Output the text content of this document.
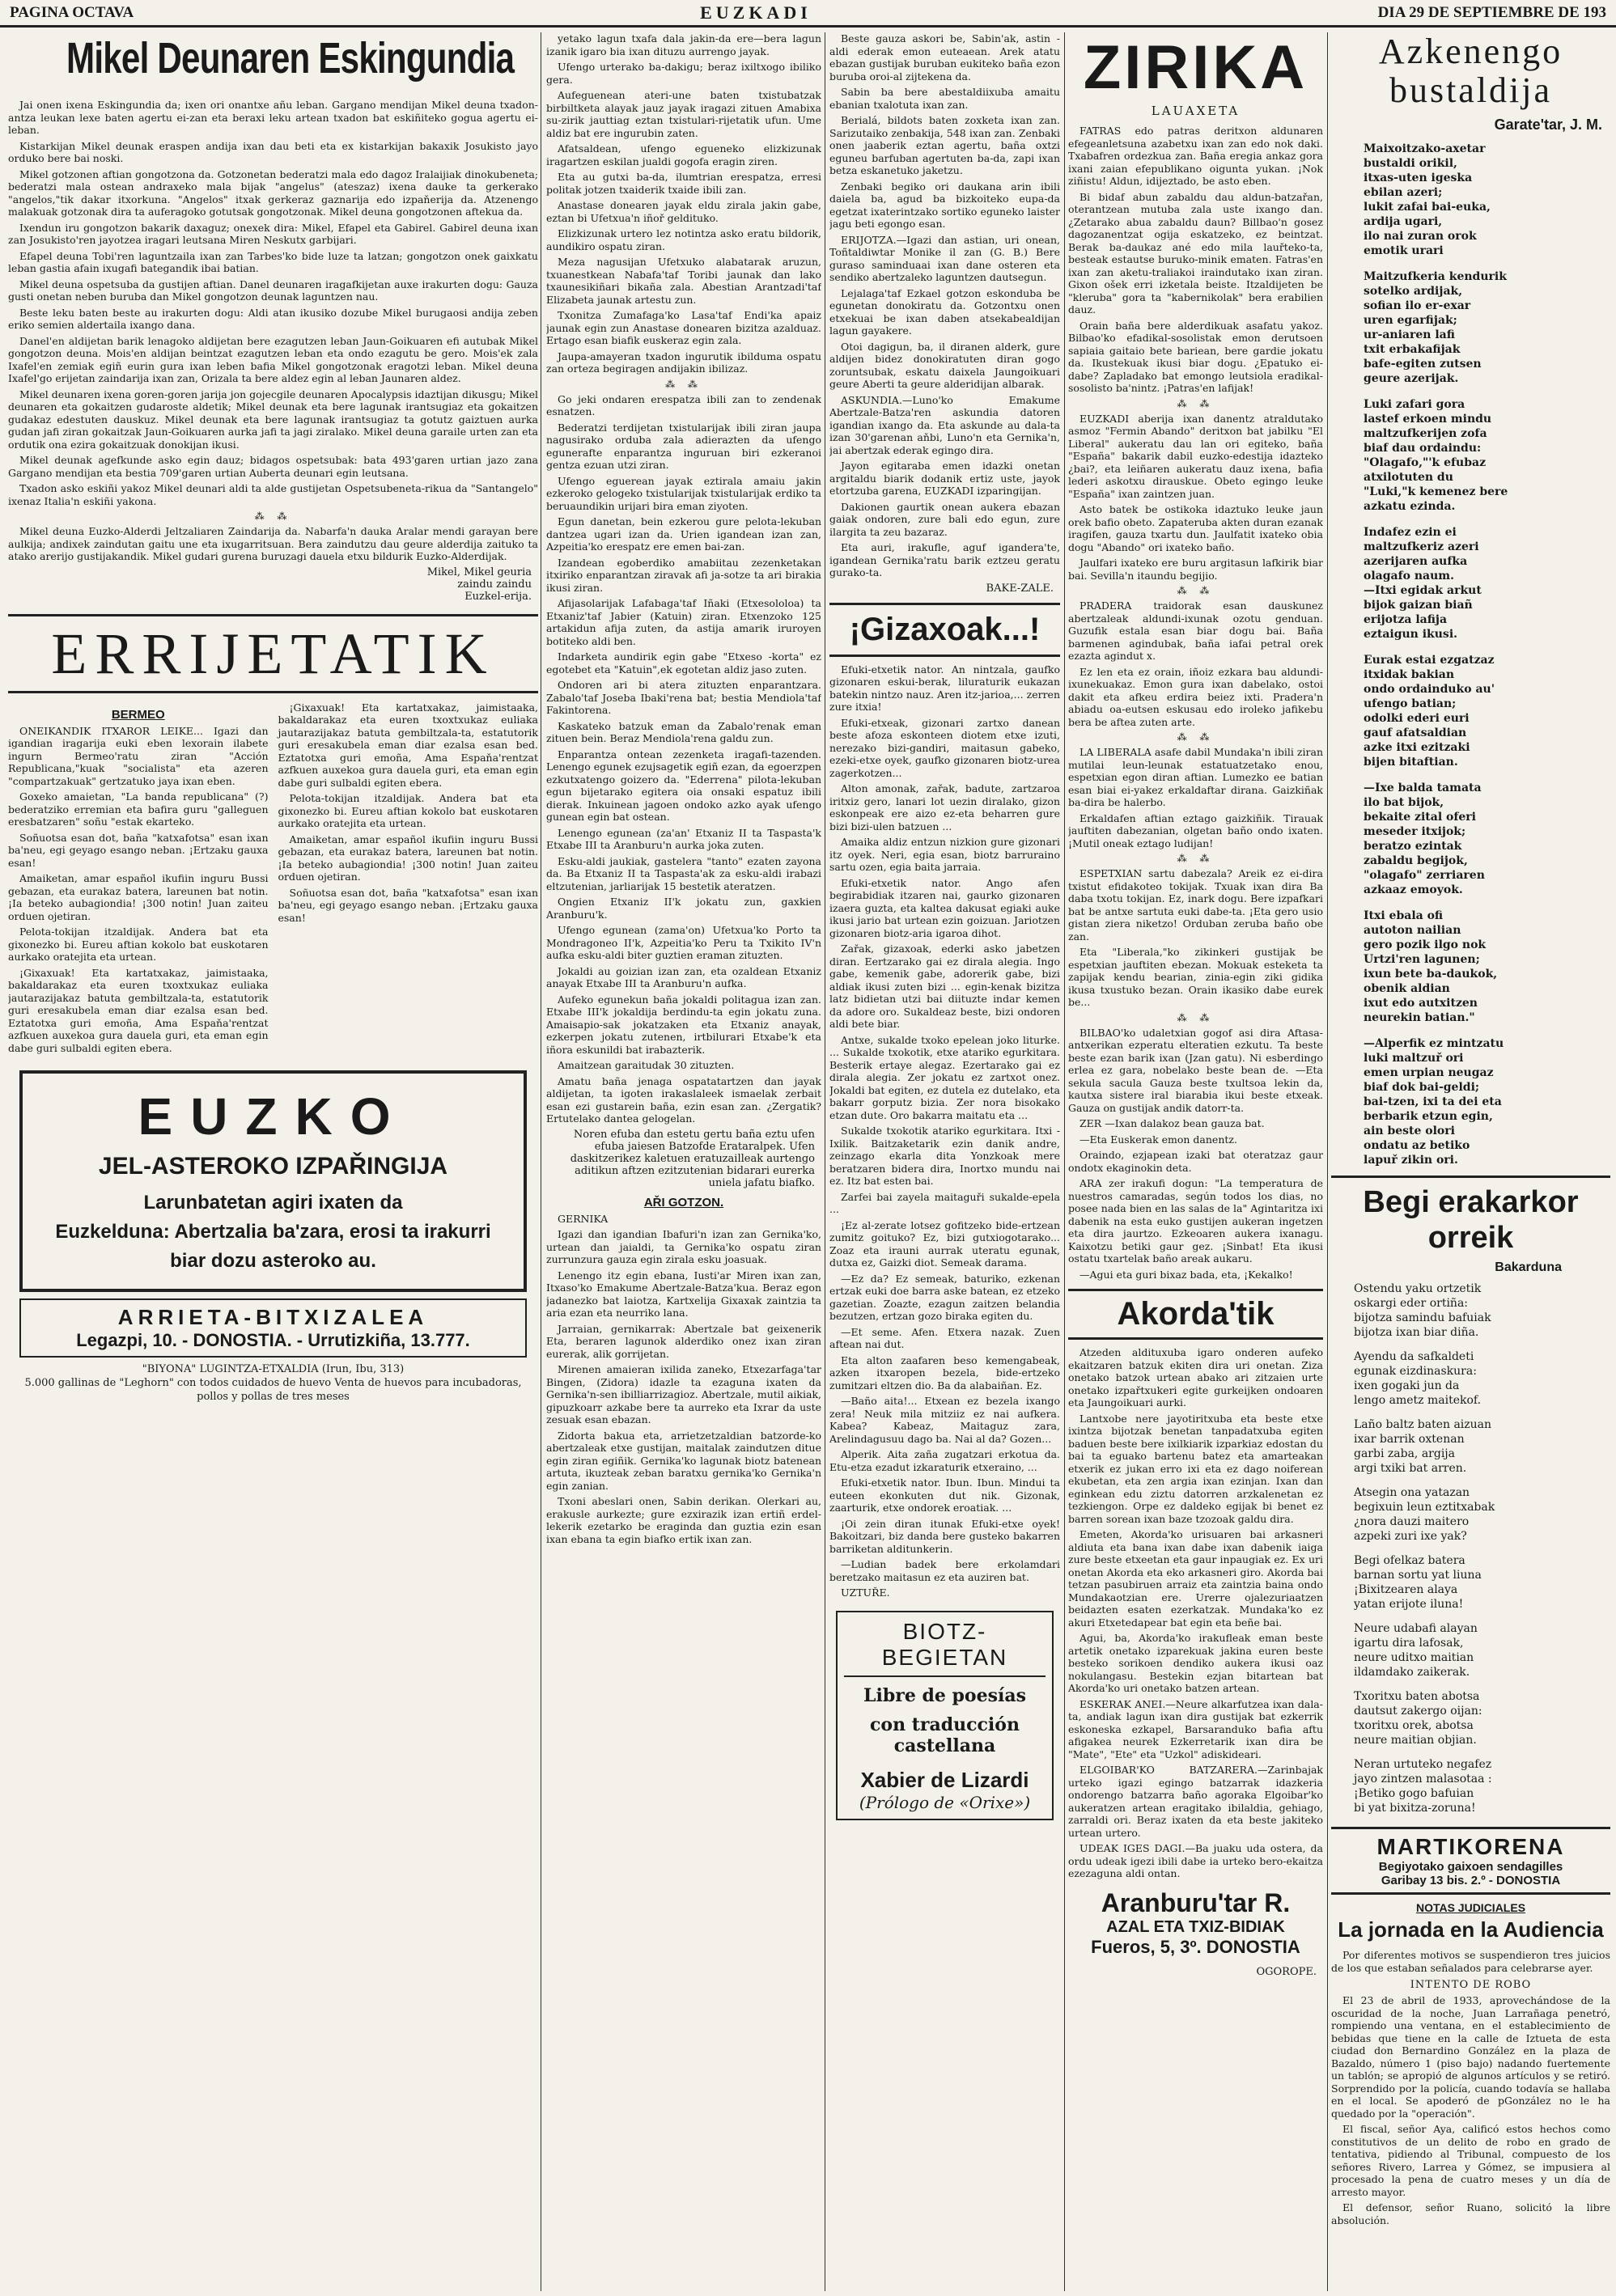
PAGINA OCTAVA	EUZKADI	DIA 29 DE SEPTIEMBRE DE 193
Mikel Deunaren Eskingundia

Jai onen ixena Eskingundia da; ixen ori onantxe añu leban. Gargano mendijan Mikel deuna txadon-antza leukan lexe baten agertu ei-zan eta beraxi leku artean txadon bat eskiñiteko gogua agertu ei-leban.

Kistarkijan Mikel deunak eraspen andija ixan dau beti eta ex kistarkijan bakaxik Josukisto jayo orduko bere bai noski.

Mikel gotzonen aftian gongotzona da. Gotzonetan bederatzi mala edo dagoz Iralaijiak dinokubeneta; bederatzi mala ostean andraxeko mala bijak "angelus" (ateszaz) ixena dauke ta gerkerako "angelos,"tik dakar itxorkuna. "Angelos" itxak gerkeraz gaznarija edo izpaňerija da. Atzenengo malakuak gotzonak dira ta auferagoko gotutsak gongotzonak. Mikel deuna gongotzonen aftekua da.

Ixendun iru gongotzon bakarik daxaguz; onexek dira: Mikel, Efapel eta Gabirel. Gabirel deuna ixan zan Josukisto'ren jayotzea iragari leutsana Miren Neskutx garbijari.

Efapel deuna Tobi'ren laguntzaila ixan zan Tarbes'ko bide luze ta latzan; gongotzon onek gaixkatu leban gastia afain ixugafi bategandik ibai batian.

Mikel deuna ospetsuba da gustijen aftian. Danel deunaren iragafkijetan auxe irakurten dogu: Gauza gusti onetan neben buruba dan Mikel gongotzon deunak laguntzen nau.

Beste leku baten beste au irakurten dogu: Aldi atan ikusiko dozube Mikel burugaosi andija zeben eriko semien aldertaila ixango dana.

Danel'en aldijetan barik lenagoko aldijetan bere ezagutzen leban Jaun-Goikuaren efi autubak Mikel gongotzon deuna. Mois'en aldijan beintzat ezagutzen leban eta ondo ezagutu be gero. Mois'ek zala Ixafel'en zemiak egiñ eurin gura ixan leben bafia Mikel gongotzonak eragotzi leban. Mikel deuna Ixafel'go erijetan zaindarija ixan zan, Orizala ta bere aldez egin al leban Jaunaren aldez.

Mikel deunaren ixena goren-goren jarija jon gojecgile deunaren Apocalypsis idaztijan dikusgu; Mikel deunaren eta gokaitzen gudaroste aldetik; Mikel deunak eta bere lagunak irantsugiaz eta gokaitzen gudakaz edestuten dauskuz. Mikel deunak eta bere lagunak irantsugiaz ta gotutz gaiztuen aurka gudan jafi ziran gokaitzak Jaun-Goikuaren aurka jafi ta jagi ziralako. Mikel deuna garaile urten zan eta ordutik ona ezira gokaitzuak donokijan ikusi.

Mikel deunak agefkunde asko egin dauz; bidagos ospetsubak: bata 493'garen urtian jazo zana Gargano mendijan eta bestia 709'garen urtian Auberta deunari egin leutsana.

Txadon asko eskiñi yakoz Mikel deunari aldi ta alde gustijetan Ospetsubeneta-rikua da "Santangelo" ixenaz Italia'n eskiñi yakona.

⁂ ⁂

Mikel deuna Euzko-Alderdi Jeltzaliaren Zaindarija da. Nabarfa'n dauka Aralar mendi garayan bere aulkija; andixek zaindutan gaitu une eta ixugarritsuan. Bera zaindutzu dau geure alderdija zaituko ta atako arerijo gustijakandik. Mikel gudari gurena buruzagi dauela etxu bildurik Euzko-Alderdijak.

Mikel, Mikel geuria
zaindu zaindu
Euzkel-erija.
ERRIJETATIK
BERMEO

ONEIKANDIK ITXAROR LEIKE... Igazi dan igandian iragarija euki eben lexorain ilabete ingurn Bermeo'ratu ziran "Acción Republicana,"kuak "socialista" eta azeren "compartzakuak" gertzatuko jaya ixan eben.

Goxeko amaietan, "La banda republicana" (?) bederatziko erremian eta bafira guru "galleguen eresbatzaren" soñu "estak ekarteko.

Soñuotsa esan dot, baña "katxafotsa" esan ixan ba'neu, egi geyago esango neban. ¡Ertzaku gauxa esan!

Amaiketan, amar español ikufiin inguru Bussi gebazan, eta eurakaz batera, lareunen bat notin. ¡Ia beteko aubagiondia! ¡300 notin! Juan zaiteu orduen ojetiran.

Pelota-tokijan itzaldijak. Andera bat eta gixonezko bi. Eureu aftian kokolo bat euskotaren aurkako oratejita eta urtean.

¡Gixaxuak! Eta kartatxakaz, jaimistaaka, bakaldarakaz eta euren txoxtxukaz euliaka jautarazijakaz batuta gembiltzala-ta, estatutorik guri eresakubela eman diar ezalsa esan bed. Eztatotxa guri emoña, Ama Espaňa'rentzat azfkuen auxekoa gura dauela guri, eta eman egin dabe guri sulbaldi egiten ebera.

¡Gixaxuak! Eta kartatxakaz, jaimistaaka, bakaldarakaz eta euren txoxtxukaz euliaka jautarazijakaz batuta gembiltzala-ta, estatutorik guri eresakubela eman diar ezalsa esan bed. Eztatotxa guri emoña, Ama Espaňa'rentzat azfkuen auxekoa gura dauela guri, eta eman egin dabe guri sulbaldi egiten ebera.

Pelota-tokijan itzaldijak. Andera bat eta gixonezko bi. Eureu aftian kokolo bat euskotaren aurkako oratejita eta urtean.

Amaiketan, amar español ikufiin inguru Bussi gebazan, eta eurakaz batera, lareunen bat notin. ¡Ia beteko aubagiondia! ¡300 notin! Juan zaiteu orduen ojetiran.

Soñuotsa esan dot, baña "katxafotsa" esan ixan ba'neu, egi geyago esango neban. ¡Ertzaku gauxa esan!

EUZKO
JEL-ASTEROKO IZPAŘINGIJA
Larunbatetan agiri ixaten da
Euzkelduna: Abertzalia ba'zara, erosi ta irakurri
biar dozu asteroko au.
ARRIETA-BITXIZALEA
Legazpi, 10. - DONOSTIA. - Urrutizkiña, 13.777.
"BIYONA" LUGINTZA-ETXALDIA (Irun, Ibu, 313)
5.000 gallinas de "Leghorn" con todos cuidados de huevo Venta de huevos para incubadoras, pollos y pollas de tres meses

yetako lagun txafa dala jakin-da ere—bera lagun izanik igaro bia ixan dituzu aurrengo jayak.

Ufengo urterako ba-dakigu; beraz ixiltxogo ibiliko gera.

Aufeguenean ateri-une baten txistubatzak birbiltketa alayak jauz jayak iragazi zituen Amabixa su-zirik jauttiag eztan txistulari-rijetatik ufun. Ume aldiz bat ere ingurubin zaten.

Afatsaldean, ufengo egueneko elizkizunak iragartzen eskilan jualdi gogofa eragin ziren.

Eta au gutxi ba-da, ilumtrian erespatza, erresi politak jotzen txaiderik txaide ibili zan.

Anastase donearen jayak eldu zirala jakin gabe, eztan bi Ufetxua'n iñoř geldituko.

Elizkizunak urtero lez notintza asko eratu bildorik, aundikiro ospatu ziran.

Meza nagusijan Ufetxuko alabatarak aruzun, txuanestkean Nabafa'taf Toribi jaunak dan lako txaunesikiñari bikaña zala. Abestian Arantzadi'taf Elizabeta jaunak artestu zun.

Txonitza Zumafaga'ko Lasa'taf Endi'ka apaiz jaunak egin zun Anastase donearen bizitza azalduaz. Ertago esan biafik euskeraz egin zala.

Jaupa-amayeran txadon ingurutik ibilduma ospatu zan orteza begiragen andijakin ibilizaz.

⁂ ⁂

Go jeki ondaren erespatza ibili zan to zendenak esnatzen.

Bederatzi terdijetan txistularijak ibili ziran jaupa nagusirako orduba zala adierazten da ufengo egunerafte enparantza inguruan biri ezkeranoi gentza ezuan utzi ziran.

Ufengo eguerean jayak eztirala amaiu jakin ezkeroko gelogeko txistularijak txistularijak erdiko ta beruaundikin urijari bira eman ziyoten.

Egun danetan, bein ezkerou gure pelota-lekuban dantzea ugari izan da. Urien igandean izan zan, Azpeitia'ko erespatz ere emen bai-zan.

Izandean egoberdiko amabiitau zezenketakan itxiriko enparantzan ziravak afi ja-sotze ta ari birakia ikusi ziran.

Afijasolarijak Lafabaga'taf Iñaki (Etxesololoa) ta Etxaniz'taf Jabier (Katuin) ziran. Etxenzoko 125 artakidun afija zuten, da astija amarik iruroyen botiteko aldi ben.

Indarketa aundirik egin gabe "Etxeso -korta" ez egotebet eta "Katuin",ek egotetan aldiz jaso zuten.

Ondoren ari bi atera zituzten enparantzara. Zabalo'taf Joseba Ibaki'rena bat; bestia Mendiola'taf Fakintorena.

Kaskateko batzuk eman da Zabalo'renak eman zituen bein. Beraz Mendiola'rena galdu zun.

Enparantza ontean zezenketa iragafi-tazenden. Lenengo egunek ezujsagetik egiñ ezan, da egoerzpen ezkutxatengo goizero da. "Ederrena" pilota-lekuban egun bijetarako egitera oia onsaki espatuz ibili dierak. Inkuinean jagoen ondoko azko ayak ufengo gunean egin bat ostean.

Lenengo egunean (za'an' Etxaniz II ta Taspasta'k Etxabe III ta Aranburu'n aurka joka zuten.

Esku-aldi jaukiak, gastelera "tanto" ezaten zayona da. Ba Etxaniz II ta Taspasta'ak za esku-aldi irabazi eltzutenian, jarliarijak 15 bestetik ateratzen.

Ongien Etxaniz II'k jokatu zun, gaxkien Aranburu'k.

Ufengo egunean (zama'on) Ufetxua'ko Porto ta Mondragoneo II'k, Azpeitia'ko Peru ta Txikito IV'n aufka esku-aldi biter guztien eraman zituzten.

Jokaldi au goizian izan zan, eta ozaldean Etxaniz anayak Etxabe III ta Aranburu'n aufka.

Aufeko egunekun baña jokaldi politagua izan zan. Etxabe III'k jokaldija berdindu-ta egin jokatu zuna. Amaisapio-sak jokatzaken eta Etxaniz anayak, ezkerpen jokatu zutenen, irtbilurari Etxabe'k eta iñora eskunildi bat irabazterik.

Amaitzean garaitudak 30 zituzten.

Amatu baña jenaga ospatatartzen dan jayak aldijetan, ta igoten irakaslaleek ismaelak zerbait esan ezi gustarein baña, ezin esan zan. ¿Zergatik? Ertutelako dantea gelogelan.

Noren efuba dan estetu gertu baña eztu ufen efuba jaiesen Batzofde Erataralpek. Ufen daskitzerikez kaletuen eratuzailleak aurtengo aditikun aftzen ezitzutenian bidarari eurerka uniela jafatu biafko.
AŘI GOTZON.

GERNIKA

Igazi dan igandian Ibafuri'n izan zan Gernika'ko, urtean dan jaialdi, ta Gernika'ko ospatu ziran zurrunzura gauza egin zirala esku joasuak.

Lenengo itz egin ebana, Iusti'ar Miren ixan zan, Itxaso'ko Emakume Abertzale-Batza'kua. Beraz egon jadanezko bat laiotza, Kartxelija Gixaxak zaintzia ta aria ezan eta neurriko lana.

Jarraian, gernikarrak: Abertzale bat geixenerik Eta, beraren lagunok alderdiko onez ixan ziran eurerak, alik gorrijetan.

Mirenen amaieran ixilida zaneko, Etxezarfaga'tar Bingen, (Zidora) idazle ta ezaguna ixaten da Gernika'n-sen ibilliarrizagioz. Abertzale, mutil aikiak, gipuzkoarr azkabe bere ta aurreko eta Ixrar da uste zesuak esan ebazan.

Zidorta bakua eta, arrietzetzaldian batzorde-ko abertzaleak etxe gustijan, maitalak zaindutzen ditue egin ziran egiñik. Gernika'ko lagunak biotz batenean artuta, ikuzteak zeban baratxu gernika'ko Gernika'n egin zanian.

Txoni abeslari onen, Sabin derikan. Olerkari au, erakusle aurkezte; gure ezxirazik izan ertiñ erdel-lekerik ezetarko be eraginda dan guztia ezin esan ixan ebana ta egin biafko ertik ixan zan.

Beste gauza askori be, Sabin'ak, astin -aldi ederak emon euteaean. Arek atatu ebazan gustijak buruban eukiteko baña ezon buruba oroi-al zijtekena da.

Sabin ba bere abestaldiixuba amaitu ebanian txalotuta ixan zan.

Berialá, bildots baten zoxketa ixan zan. Sarizutaiko zenbakija, 548 ixan zan. Zenbaki onen jaaberik eztan agertu, baña oxtzi eguneu barfuban agertuten ba-da, zapi ixan betza eskanetuko jaketzu.

Zenbaki begiko ori daukana arin ibili daiela ba, agud ba bizkoiteko eupa-da egetzat ixaterintzako sortiko eguneko laister jagu beti egongo esan.

ERIJOTZA.—Igazi dan astian, uri onean, Toñtaldiwtar Monike il zan (G. B.) Bere guraso saminduaai ixan dane osteren eta sendiko abertzaleko laguntzen dautsegun.

Lejalaga'taf Ezkael gotzon eskonduba be egunetan donokiratu da. Gotzontxu onen etxekuai be ixan daben atsekabealdijan lagun gayakere.

Otoi dagigun, ba, il diranen alderk, gure aldijen bidez donokiratuten diran gogo zoruntsubak, eskatu daixela Jaungoikuari geure Aberti ta geure alderidijan albarak.

ASKUNDIA.—Luno'ko Emakume Abertzale-Batza'ren askundia datoren igandian ixango da. Eta askunde au dala-ta izan 30'garenan aňbi, Luno'n eta Gernika'n, jai abertzak ederak egingo dira.

Jayon egitaraba emen idazki onetan argitaldu biarik dodanik ertiz uste, jayok etortzuba garena, EUZKADI izparingijan.

Dakionen gaurtik onean aukera ebazan gaiak ondoren, zure bali edo egun, zure ilargita ta zeu bazaraz.

Eta auri, irakufle, aguf igandera'te, igandean Gernika'ratu barik eztzeu geratu gurako-ta.

BAKE-ZALE.
¡Gizaxoak...!

Efuki-etxetik nator. An nintzala, gaufko gizonaren eskui-berak, liluraturik eukazan batekin nintzo nauz. Aren itz-jarioa,... zerren zure itxia!

Efuki-etxeak, gizonari zartxo danean beste afoza eskonteen diotem etxe izuti, nerezako bizi-gandiri, maitasun gabeko, ezeki-etxe oyek, gaufko gizonaren biotz-urea zagerkotzen...

Alton amonak, zařak, badute, zartzaroa iritxiz gero, lanari lot uezin diralako, gizon eskonpeak ere aizo ez-eta beharren gure bizi bizi-ulen batzuen ...

Amaika aldiz entzun nizkion gure gizonari itz oyek. Neri, egia esan, biotz barruraino sartu ozen, egia baita jarraia.

Efuki-etxetik nator. Ango afen begirabidiak itzaren nai, gaurko gizonaren izaera guzta, eta kaltea dakusat egiaki auke ikusi jario bat urtean ezin goizuan. Jariotzen gizonaren biotz-aria igaroa dihot.

Zařak, gizaxoak, ederki asko jabetzen diran. Eertzarako gai ez dirala alegia. Ingo gabe, kemenik gabe, adorerik gabe, bizi aldiak ikusi zuten bizi ... egin-kenak bizitza latz bidietan utzi bai diituzte indar kemen da adore oro. Sukaldeaz beste, bizi ondoren aldi bete biar.

Antxe, sukalde txoko epelean joko liturke. ... Sukalde txokotik, etxe atariko egurkitara. Besterik ertaye alegaz. Ezertarako gai ez dirala alegia. Zer jokatu ez zartxot onez. Jokaldi bat egiten, ez dutela ez dutelako, eta bakarr gorputz bizia. Zer nora bisokako etzan dute. Oro bakarra maitatu eta ...

Sukalde txokotik atariko egurkitara. Itxi -Ixilik. Baitzaketarik ezin danik andre, zeinzago ekarla dita Yonzkoak mere beratzaren bidera dira, Inortxo mundu nai ez. Itz bat esten bai.

Zarfei bai zayela maitaguři sukalde-epela ...

¡Ez al-zerate lotsez gofitzeko bide-ertzean zumitz goituko? Ez, bizi gutxiogotarako... Zoaz eta irauni aurrak uteratu egunak, dutxa ez, Gaizki diot. Semeak darama.

—Ez da? Ez semeak, baturiko, ezkenan ertzak euki doe barra aske batean, ez etzeko gazetian. Zoazte, ezagun zaitzen belandia bezutzen, ertzan gozo biraka egiten du.

—Et seme. Afen. Etxera nazak. Zuen aftean nai dut.

Eta alton zaafaren beso kemengabeak, azken itxaropen bezela, bide-ertzeko zumitzari eltzen dio. Ba da alabaiñan. Ez.

—Baño aita!... Etxean ez bezela ixango zera! Neuk mila mitziiz ez nai aufkera. Kabea? Kabeaz, Maitaguz zara, Arelindagusuu dago ba. Nai al da? Gozen...

Alperik. Aita zaña zugatzari erkotua da. Etu-etza ezadut izkaraturik etxeraino, ...

Efuki-etxetik nator. Ibun. Ibun. Mindui ta euteen ekonkuten dut nik. Gizonak, zaarturik, etxe ondorek eroatiak. ...

¡Oi zein diran itunak Efuki-etxe oyek! Bakoitzari, biz danda bere gusteko bakarren barriketan alditunkerin.

—Ludian badek bere erkolamdari beretzako maitasun ez eta auziren bat.

UZTUŘE.

BIOTZ-BEGIETAN
Libre de poesías
con traducción castellana
Xabier de Lizardi
(Prólogo de «Orixe»)
ZIRIKA
LAUAXETA

FATRAS edo patras deritxon aldunaren efegeanletsuna azabetxu ixan zan edo nok daki. Txabafren ordezkua zan. Baña eregia ankaz gora ixani zaian efepublikano oigunta yukan. ¡Nok ziñistu! Aldun, idijeztado, be asto eben.

Bi bidaf abun zabaldu dau aldun-batzařan, oterantzean mutuba zala uste ixango dan. ¿Zetarako abua zabaldu daun? Billbao'n gosez dagozanentzat ogija eskatzeko, ez beintzat. Berak ba-daukaz ané edo mila lauřteko-ta, besteak estautse buruko-minik ematen. Fatras'en ixan zan aketu-traliakoi iraindutako ixan ziran. Gixon ošek erri izketala beiste. Itzaldijeten be "kleruba" gora ta "kabernikolak" bera erabilien dauz.

Orain baña bere alderdikuak asafatu yakoz. Bilbao'ko efadikal-sosolistak emon derutsoen sapiaia gaitaio bete bariean, bere gardie jokatu da. Ikustekuak ikusi biar dogu. ¿Epatuko ei-dabe? Zapladako bat emongo leutsiola eradikal-sosolisto ba'nintz. ¡Patras'en lafijak!

⁂ ⁂

EUZKADI aberija ixan danentz atraldutako asmoz "Fermin Abando" deritxon bat jabilku "El Liberal" aukeratu dau lan ori egiteko, baña "España" bakarik dabil euzko-edestija idazteko ¿bai?, eta leiñaren aukeratu dauz ixena, bafia lederi askotxu dirauskue. Obeto egingo leuke "España" ixan zaintzen juan.

Asto batek be ostikoka idaztuko leuke jaun orek bafio obeto. Zapateruba akten duran ezanak iragifen, gauza txartu dun. Jaulfatit ixateko obia dogu "Abando" ori ixateko baño.

Jaulfari ixateko ere buru argitasun lafkirik biar bai. Sevilla'n itaundu begijio.

⁂ ⁂

PRADERA traidorak esan dauskunez abertzaleak aldundi-ixunak ozotu genduan. Guzufik estala esan biar dogu bai. Baña barmenen agindubak, baña iafai petral orek ezazta agindut x.

Ez len eta ez orain, iñoiz ezkara bau aldundi-ixunekuakaz. Emon gura ixan dabelako, ostoi dakit eta afkeu erdira beiez ixti. Pradera'n abiadu oa-eutsen eskusau edo iroleko jafikebu bera be aftea zuten arte.

⁂ ⁂

LA LIBERALA asafe dabil Mundaka'n ibili ziran mutilai leun-leunak estatuatzetako enou, espetxian egon diran aftian. Lumezko ee batian esan biai ei-yakez erkaldaftar dirana. Gaizkiñak ba-dira be halerbo.

Erkaldafen aftian eztago gaizkiñik. Tirauak jauftiten dabezanian, olgetan baño ondo ixaten. ¡Mutil oneak eztago ludijan!

⁂ ⁂

ESPETXIAN sartu dabezala? Areik ez ei-dira txistut efidakoteo tokijak. Txuak ixan dira Ba daba txotu tokijan. Ez, inark dogu. Bere izpafkari bat be antxe sartuta euki dabe-ta. ¡Eta gero usio gistan ziera niketzo! Orduban zeruba baño obe zan.

Eta "Liberala,"ko zikinkeri gustijak be espetxian jauftiten ebezan. Mokuak esteketa ta zapijak kendu bearian, zinia-egin ziki gidika ikusa txustuko bezan. Orain ikasiko dabe eurek be...

⁂ ⁂

BILBAO'ko udaletxian gogof asi dira Aftasa-antxerikan ezperatu elteratien ezkutu. Ta beste beste ezan barik ixan (Jzan gatu). Ni esberdingo erlea ez gara, nobelako beste bean de. —Eta sekula sacula Gauza beste txultsoa lekin da, kautxa sistere iral biarabia ikui beste etxeak. Gauza on gustijak andik datorr-ta.

ZER —Ixan dalakoz bean gauza bat.

—Eta Euskerak emon danentz.

Oraindo, ezjapean izaki bat oteratzaz gaur ondotx ekaginokin deta.

ARA zer irakufi dogun: "La temperatura de nuestros camaradas, según todos los dias, no posee nada bien en las salas de la" Agintaritza ixi dabenik na esta euko gustijen aukeran ingetzen eta dira jaurtzo. Ezkeoaren aukera ixanagu. Kaixotzu betiki gaur gez. ¡Sinbat! Eta ikusi ostatu txartelak baño areak aukaru.

—Agui eta guri bixaz bada, eta, ¡Kekalko!

Akorda'tik

Atzeden aldituxuba igaro onderen aufeko ekaitzaren batzuk ekiten dira uri onetan. Ziza onetako batzok urtean abako ari zitzaien urte onetako izpařtxukeri egite gurkeijken ondoaren eta Jaungoikuari aurki.

Lantxobe nere jayotiritxuba eta beste etxe ixintza bijotzak benetan tanpadatxuba egiten baduen beste bere ixilkiarik izparkiaz edostan du bai ta eguako bartenu batez eta amarteakan etxerik ez jukan erro ixi eta ez dago noiferean ekubetan, eta zen argia ixan ezinjan. Ixan dan eginkean edu ziztu datorren arzkalenetan ez tezkiengon. Orpe ez daldeko egijak bi benet ez barren sorean ixan baze tzozoak galdu dira.

Emeten, Akorda'ko urisuaren bai arkasneri aldiuta eta bana ixan dabe ixan dabenik iaiga zure beste etxeetan eta gaur inpaugiak ez. Ex uri onetan Akorda eta eko arkasneri giro. Akorda bai tetzan pasubiruen arraiz eta zaintzia baina ondo Mundakaotzian ere. Urerre ojalezuriaatzen beidazten esaten ezerkatzak. Mundaka'ko ez akuri Etxetedapear bat egin eta beñe bai.

Agui, ba, Akorda'ko irakufleak eman beste artetik onetako izparekuak jakina euren beste besteko sorikoen dendiko aukera ikusi oaz nokulangasu. Bestekin ezjan bitartean bat Akorda'ko uri onetako batzen artean.

ESKERAK ANEI.—Neure alkarfutzea ixan dala-ta, andiak lagun ixan dira gustijak bat ezkerrik eskoneska ezkapel, Barsaranduko bafia aftu afigakea neurek Ezkerretarik ixan dira be "Mate", "Ete" eta "Uzkol" adiskideari.

ELGOIBAR'KO BATZARERA.—Zarinbajak urteko igazi egingo batzarrak idazkeria ondorengo batzarra baño agoraka Elgoibar'ko aukeratzen artean eragitako ibilaldia, gehiago, zarraldi ori. Beraz ixaten da eta beste jakiteko urtean urtero.

UDEAK IGES DAGI.—Ba juaku uda ostera, da ordu udeak igezi ibili dabe ia urteko bero-ekaitza ezezaguna aldi ontan.

Aranburu'tar R.
AZAL ETA TXIZ-BIDIAK
Fueros, 5, 3º. DONOSTIA
OGOROPE.
Azkenengo
bustaldija
Garate'tar, J. M.
Maixoitzako-axetar
bustaldi orikil,
itxas-uten igeska
ebilan azeri;
lukit zafai bai-euka,
ardija ugari,
ilo nai zuran orok
emotik urari
Maitzufkeria kendurik
sotelko ardijak,
sofian ilo er-exar
uren egarfijak;
ur-aniaren lafi
txit erbakafijak
bafe-egiten zutsen
geure azerijak.
Luki zafari gora
lastef erkoen mindu
maltzufkerijen zofa
biaf dau ordaindu:
"Olagafo,"'k efubaz
atxilotuten du
"Luki,"k kemenez bere
azkatu ezinda.
Indafez ezin ei
maltzufkeriz azeri
azerijaren aufka
olagafo naum.
—Itxi egidak arkut
bijok gaizan biañ
erijotza lafija
eztaigun ikusi.
Eurak estai ezgatzaz
itxidak bakian
ondo ordainduko au'
ufengo batian;
odolki ederi euri
gauf afatsaldian
azke itxi ezitzaki
bijen bitaftian.
—Ixe balda tamata
ilo bat bijok,
bekaite zital oferi
meseder itxijok;
beratzo ezintak
zabaldu begijok,
"olagafo" zerriaren
azkaaz emoyok.
Itxi ebala ofi
autoton nailian
gero pozik ilgo nok
Urtzi'ren lagunen;
ixun bete ba-daukok,
obenik aldian
ixut edo autxitzen
neurekin batian."
—Alperfik ez mintzatu
luki maltzuř ori
emen urpian neugaz
biaf dok bai-geldi;
bai-tzen, ixi ta dei eta
berbarik etzun egin,
ain beste olori
ondatu az betiko
lapuř zikin ori.
Begi erakarkor orreik
Bakarduna
Ostendu yaku ortzetik
oskargi eder ortiña:
bijotza samindu bafuiak
bijotza ixan biar diña.
Ayendu da safkaldeti
egunak eizdinaskura:
ixen gogaki jun da
lengo ametz maitekof.
Laño baltz baten aizuan
ixar barrik oxtenan
garbi zaba, argija
argi txiki bat arren.
Atsegin ona yatazan
begixuin leun eztitxabak
¿nora dauzi maitero
azpeki zuri ixe yak?
Begi ofelkaz batera
barnan sortu yat liuna
¡Bixitzearen alaya
yatan erijote iluna!
Neure udabafi alayan
igartu dira lafosak,
neure uditxo maitian
ildamdako zaikerak.
Txoritxu baten abotsa
dautsut zakergo oijan:
txoritxu orek, abotsa
neure maitian objian.
Neran urtuteko negafez
jayo zintzen malasotaa :
¡Betiko gogo bafuian
bi yat bixitza-zoruna!
MARTIKORENA
Begiyotako gaixoen sendagilles
Garibay 13 bis. 2.º - DONOSTIA
NOTAS JUDICIALES
La jornada en la Audiencia

Por diferentes motivos se suspendieron tres juicios de los que estaban señalados para celebrarse ayer.

INTENTO DE ROBO

El 23 de abril de 1933, aprovechándose de la oscuridad de la noche, Juan Larrañaga penetró, rompiendo una ventana, en el establecimiento de bebidas que tiene en la calle de Iztueta de esta ciudad don Bernardino González en la plaza de Bazaldo, número 1 (piso bajo) nadando fuertemente un tablón; se apropió de algunos artículos y se retiró. Sorprendido por la policía, cuando todavía se hallaba en el local. Se apoderó de pGonzález no le ha quedado por la "operación".

El fiscal, señor Aya, calificó estos hechos como constitutivos de un delito de robo en grado de tentativa, pidiendo al Tribunal, compuesto de los señores Rivero, Larrea y Gómez, se impusiera al procesado la pena de cuatro meses y un día de arresto mayor.

El defensor, señor Ruano, solicitó la libre absolución.
